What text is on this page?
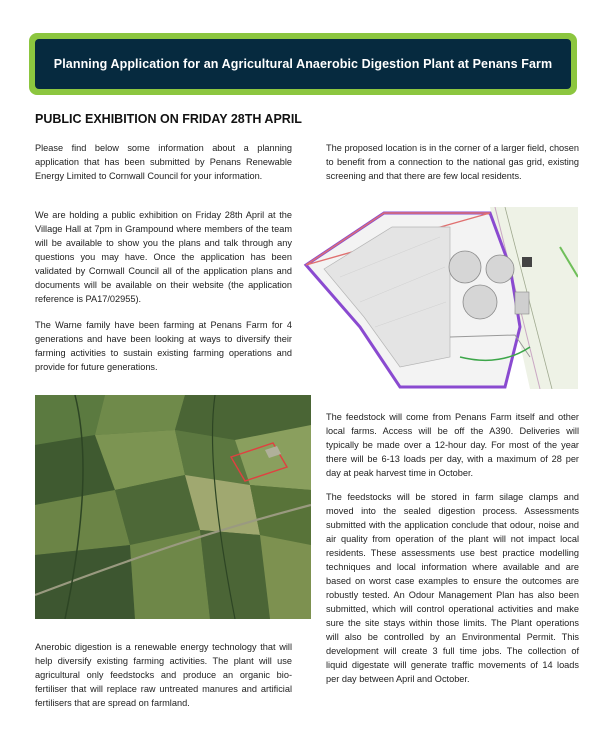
Planning Application for an Agricultural Anaerobic Digestion Plant at Penans Farm
PUBLIC EXHIBITION ON FRIDAY 28TH APRIL

Please find below some information about a planning application that has been submitted by Penans Renewable Energy Limited to Cornwall Council for your information.

We are holding a public exhibition on Friday 28th April at the Village Hall at 7pm in Grampound where members of the team will be available to show you the plans and talk through any questions you may have. Once the application has been validated by Cornwall Council all of the application plans and documents will be available on their website (the application reference is PA17/02955).

The Warne family have been farming at Penans Farm for 4 generations and have been looking at ways to diversify their farming activities to sustain existing farming operations and provide for future generations.

Anerobic digestion is a renewable energy technology that will help diversify existing farming activities. The plant will use agricultural only feedstocks and produce an organic bio-fertiliser that will replace raw untreated manures and artificial fertilisers that are spread on farmland.

The proposed location is in the corner of a larger field, chosen to benefit from a connection to the national gas grid, existing screening and that there are few local residents.

The feedstock will come from Penans Farm itself and other local farms. Access will be off the A390. Deliveries will typically be made over a 12-hour day. For most of the year there will be 6-13 loads per day, with a maximum of 28 per day at peak harvest time in October.

The feedstocks will be stored in farm silage clamps and moved into the sealed digestion process. Assessments submitted with the application conclude that odour, noise and air quality from operation of the plant will not impact local residents. These assessments use best practice modelling techniques and local information where available and are based on worst case examples to ensure the outcomes are robustly tested. An Odour Management Plan has also been submitted, which will control operational activities and make sure the site stays within those limits. The Plant operations will also be controlled by an Environmental Permit. This development will create 3 full time jobs. The collection of liquid digestate will generate traffic movements of 14 loads per day between April and October.
